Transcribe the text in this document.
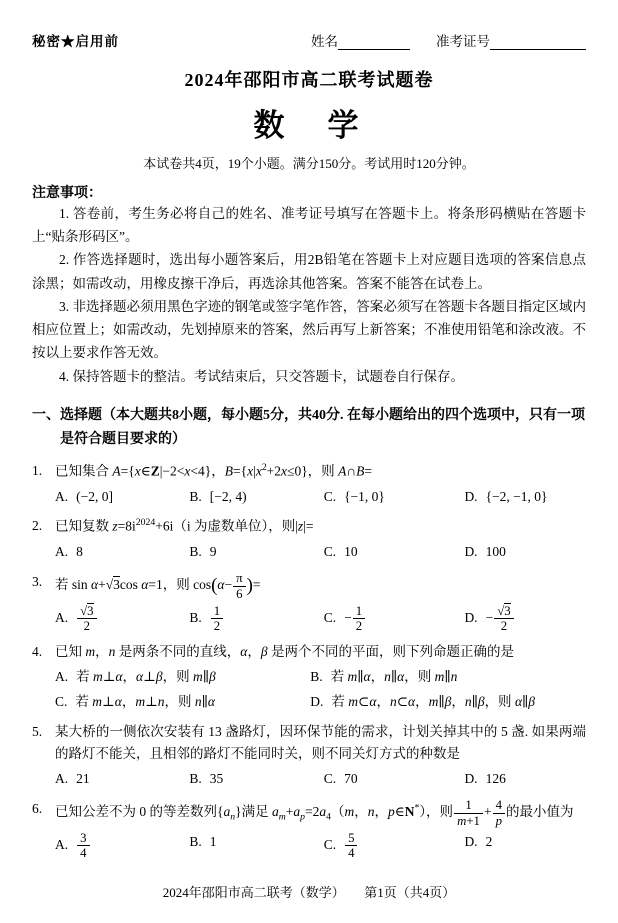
秘密★启用前	姓名	准考证号
2024年邵阳市高二联考试题卷
数　学
本试卷共4页，19个小题。满分150分。考试用时120分钟。
注意事项：

1. 答卷前，考生务必将自己的姓名、准考证号填写在答题卡上。将条形码横贴在答题卡上“贴条形码区”。

2. 作答选择题时，选出每小题答案后，用2B铅笔在答题卡上对应题目选项的答案信息点涂黑；如需改动，用橡皮擦干净后，再选涂其他答案。答案不能答在试卷上。

3. 非选择题必须用黑色字迹的钢笔或签字笔作答，答案必须写在答题卡各题目指定区域内相应位置上；如需改动，先划掉原来的答案，然后再写上新答案；不准使用铅笔和涂改液。不按以上要求作答无效。

4. 保持答题卡的整洁。考试结束后，只交答题卡，试题卷自行保存。

一、选择题（本大题共8小题，每小题5分，共40分. 在每小题给出的四个选项中，只有一项是符合题目要求的）
1. 已知集合 A={x∈Z|−2<x<4}，$B=\{x|x^2+2x\le 0\}$，则 A∩B=
A. (−2, 0]	B. [−2, 4)	C. {−1, 0}	D. {−2, −1, 0}
2. 已知复数 $z=8i^{2024}+6i(i$ 为虚数单位），则|z|=
A. 8	B. 9	C. 10	D. 100
3. 若 sin α+√3cos α=1，则 $\cos(\alpha- \frac{\pi}{6}$ )=
A. $\frac{√3}{2}$	B. $\frac{1}{2}$	C. − $\frac{1}{2}$	D. − $\frac{√3}{2}$
4. 已知 m，n 是两条不同的直线，α，β 是两个不同的平面，则下列命题正确的是
A. 若 m⊥α，α⊥β，则 m∥β	B. 若 m∥α，n∥α，则 m∥n
C. 若 m⊥α，m⊥n，则 n∥α	D. 若 m⊂α，n⊂α，m∥β，n∥β，则 α∥β
5. 某大桥的一侧依次安装有 13 盏路灯，因环保节能的需求，计划关掉其中的 5 盏. 如果两端的路灯不能关，且相邻的路灯不能同时关，则不同关灯方式的种数是
A. 21	B. 35	C. 70	D. 126
6. 已知公差不为 0 的等差数列$\{a_n\}$满足 $a_m+a_p=2a_4(m$，n，p∈N*），则 $\frac{1}{m+1} + \frac{4}{p}$ 的最小值为
A. $\frac{3}{4}$	B. 1	C. $\frac{5}{4}$	D. 2
2024年邵阳市高二联考（数学）　　第1页（共4页）
